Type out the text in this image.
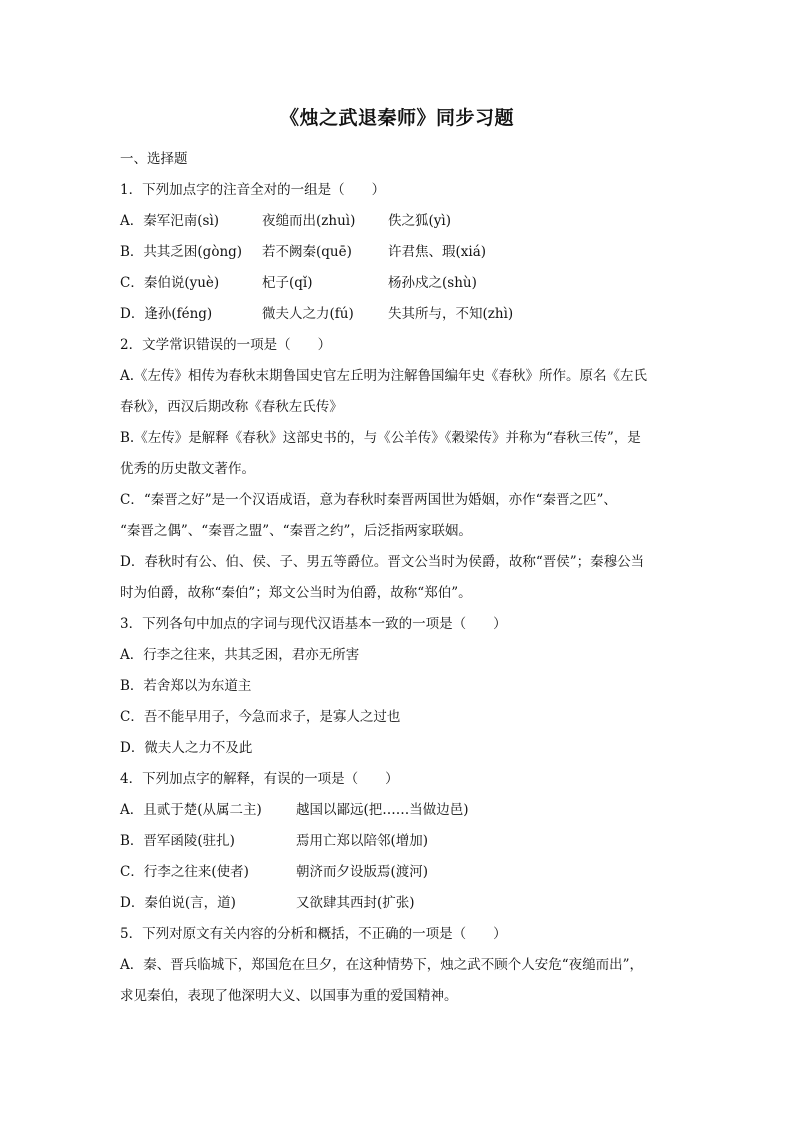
《烛之武退秦师》同步习题
一、选择题
1．下列加点字的注音全对的一组是（　　）
A．秦军汜南(sì)	夜缒而出(zhuì) 佚之狐(yì)
B．共其乏困(gòng) 若不阙秦(quē)	许君焦、瑕(xiá)
C．秦伯说(yuè)	杞子(qǐ)	杨孙戍之(shù)
D．逢孙(féng)	微夫人之力(fú)	失其所与，不知(zhì)
2．文学常识错误的一项是（　　）
A.《左传》相传为春秋末期鲁国史官左丘明为注解鲁国编年史《春秋》所作。原名《左氏
春秋》，西汉后期改称《春秋左氏传》
B.《左传》是解释《春秋》这部史书的，与《公羊传》《穀梁传》并称为“春秋三传”，是
优秀的历史散文著作。
C．“秦晋之好”是一个汉语成语，意为春秋时秦晋两国世为婚姻，亦作“秦晋之匹”、
“秦晋之偶”、“秦晋之盟”、“秦晋之约”，后泛指两家联姻。
D．春秋时有公、伯、侯、子、男五等爵位。晋文公当时为侯爵，故称“晋侯”；秦穆公当
时为伯爵，故称“秦伯”；郑文公当时为伯爵，故称“郑伯”。
3．下列各句中加点的字词与现代汉语基本一致的一项是（　　）
A．行李之往来，共其乏困，君亦无所害
B．若舍郑以为东道主
C．吾不能早用子，今急而求子，是寡人之过也
D．微夫人之力不及此
4．下列加点字的解释，有误的一项是（　　）
A．且贰于楚(从属二主)	越国以鄙远(把……当做边邑)
B．晋军函陵(驻扎)	焉用亡郑以陪邻(增加)
C．行李之往来(使者)	朝济而夕设版焉(渡河)
D．秦伯说(言，道)	又欲肆其西封(扩张)
5．下列对原文有关内容的分析和概括，不正确的一项是（　　）
A．秦、晋兵临城下，郑国危在旦夕，在这种情势下，烛之武不顾个人安危“夜缒而出”，
求见秦伯，表现了他深明大义、以国事为重的爱国精神。
